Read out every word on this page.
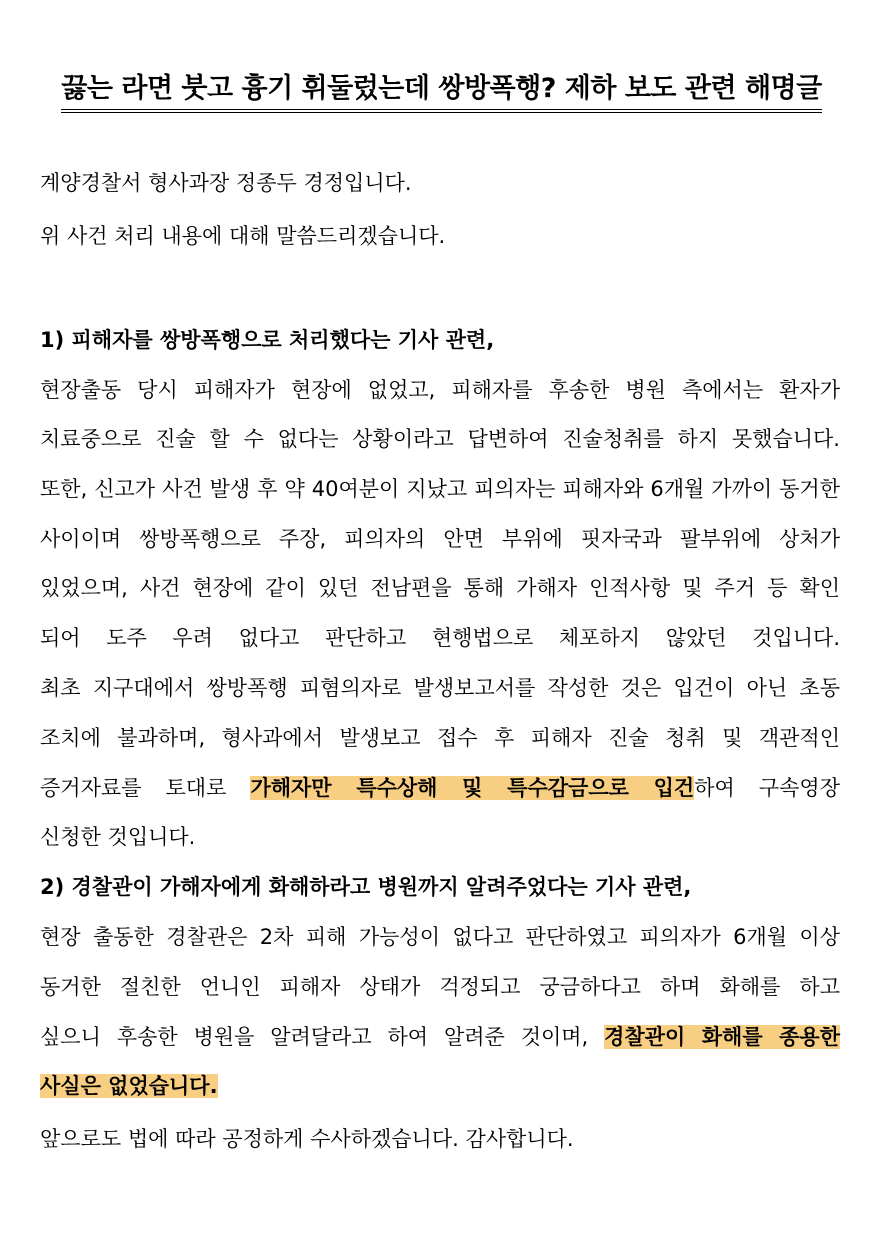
끓는 라면 붓고 흉기 휘둘렀는데 쌍방폭행? 제하 보도 관련 해명글
계양경찰서 형사과장 정종두 경정입니다.
위 사건 처리 내용에 대해 말씀드리겠습니다.
1) 피해자를 쌍방폭행으로 처리했다는 기사 관련,
현장출동 당시 피해자가 현장에 없었고, 피해자를 후송한 병원 측에서는 환자가
치료중으로 진술 할 수 없다는 상황이라고 답변하여 진술청취를 하지 못했습니다.
또한, 신고가 사건 발생 후 약 40여분이 지났고 피의자는 피해자와 6개월 가까이 동거한
사이이며 쌍방폭행으로 주장, 피의자의 안면 부위에 핏자국과 팔부위에 상처가
있었으며, 사건 현장에 같이 있던 전남편을 통해 가해자 인적사항 및 주거 등 확인
되어 도주 우려 없다고 판단하고 현행법으로 체포하지 않았던 것입니다.
최초 지구대에서 쌍방폭행 피혐의자로 발생보고서를 작성한 것은 입건이 아닌 초동
조치에 불과하며, 형사과에서 발생보고 접수 후 피해자 진술 청취 및 객관적인
증거자료를 토대로 가해자만 특수상해 및 특수감금으로 입건하여 구속영장
신청한 것입니다.
2) 경찰관이 가해자에게 화해하라고 병원까지 알려주었다는 기사 관련,
현장 출동한 경찰관은 2차 피해 가능성이 없다고 판단하였고 피의자가 6개월 이상
동거한 절친한 언니인 피해자 상태가 걱정되고 궁금하다고 하며 화해를 하고
싶으니 후송한 병원을 알려달라고 하여 알려준 것이며, 경찰관이 화해를 종용한
사실은 없었습니다.
앞으로도 법에 따라 공정하게 수사하겠습니다. 감사합니다.
